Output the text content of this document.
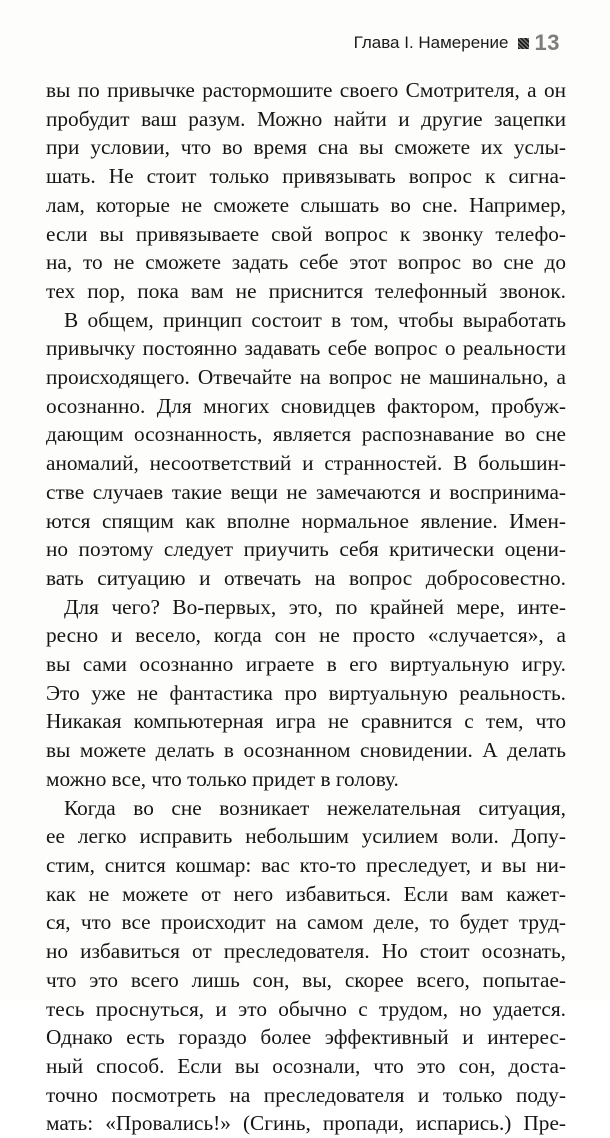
Глава I. Намерение 13
вы по привычке растормошите своего Смотрителя, а он
пробудит ваш разум. Можно найти и другие зацепки
при условии, что во время сна вы сможете их услы-
шать. Не стоит только привязывать вопрос к сигна-
лам, которые не сможете слышать во сне. Например,
если вы привязываете свой вопрос к звонку телефо-
на, то не сможете задать себе этот вопрос во сне до
тех пор, пока вам не приснится телефонный звонок.
В общем, принцип состоит в том, чтобы выработать
привычку постоянно задавать себе вопрос о реальности
происходящего. Отвечайте на вопрос не машинально, а
осознанно. Для многих сновидцев фактором, пробуж-
дающим осознанность, является распознавание во сне
аномалий, несоответствий и странностей. В большин-
стве случаев такие вещи не замечаются и воспринима-
ются спящим как вполне нормальное явление. Имен-
но поэтому следует приучить себя критически оцени-
вать ситуацию и отвечать на вопрос добросовестно.
Для чего? Во-первых, это, по крайней мере, инте-
ресно и весело, когда сон не просто «случается», а
вы сами осознанно играете в его виртуальную игру.
Это уже не фантастика про виртуальную реальность.
Никакая компьютерная игра не сравнится с тем, что
вы можете делать в осознанном сновидении. А делать
можно все, что только придет в голову.
Когда во сне возникает нежелательная ситуация,
ее легко исправить небольшим усилием воли. Допу-
стим, снится кошмар: вас кто-то преследует, и вы ни-
как не можете от него избавиться. Если вам кажет-
ся, что все происходит на самом деле, то будет труд-
но избавиться от преследователя. Но стоит осознать,
что это всего лишь сон, вы, скорее всего, попытае-
тесь проснуться, и это обычно с трудом, но удается.
Однако есть гораздо более эффективный и интерес-
ный способ. Если вы осознали, что это сон, доста-
точно посмотреть на преследователя и только поду-
мать: «Провались!» (Сгинь, пропади, испарись.) Пре-
